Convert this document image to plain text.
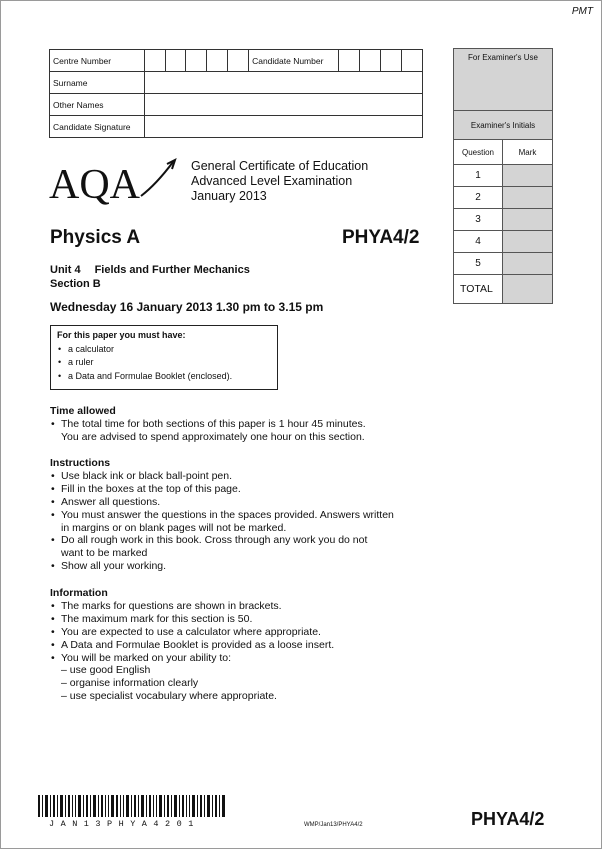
PMT
Centre Number						Candidate Number				
Surname										
Other Names										
Candidate Signature										
For Examiner's Use	
Examiner's Initials	
Question	Mark
1	
2	
3	
4	
5	
TOTAL	
AQA	General Certificate of Education
Advanced Level Examination
January 2013
Physics A	PHYA4/2
Unit 4 Fields and Further Mechanics
Section B
Wednesday 16 January 2013 1.30 pm to 3.15 pm
For this paper you must have:
• a calculator
• a ruler
• a Data and Formulae Booklet (enclosed).
Time allowed
• The total time for both sections of this paper is 1 hour 45 minutes.
You are advised to spend approximately one hour on this section.
Instructions
• Use black ink or black ball-point pen.
• Fill in the boxes at the top of this page.
• Answer all questions.
• You must answer the questions in the spaces provided. Answers written
in margins or on blank pages will not be marked.
• Do all rough work in this book. Cross through any work you do not
want to be marked
• Show all your working.
Information
• The marks for questions are shown in brackets.
• The maximum mark for this section is 50.
• You are expected to use a calculator where appropriate.
• A Data and Formulae Booklet is provided as a loose insert.
• You will be marked on your ability to:
– use good English
– organise information clearly
– use specialist vocabulary where appropriate.
JAN13PHYA4201	WMP/Jan13/PHYA4/2	PHYA4/2
